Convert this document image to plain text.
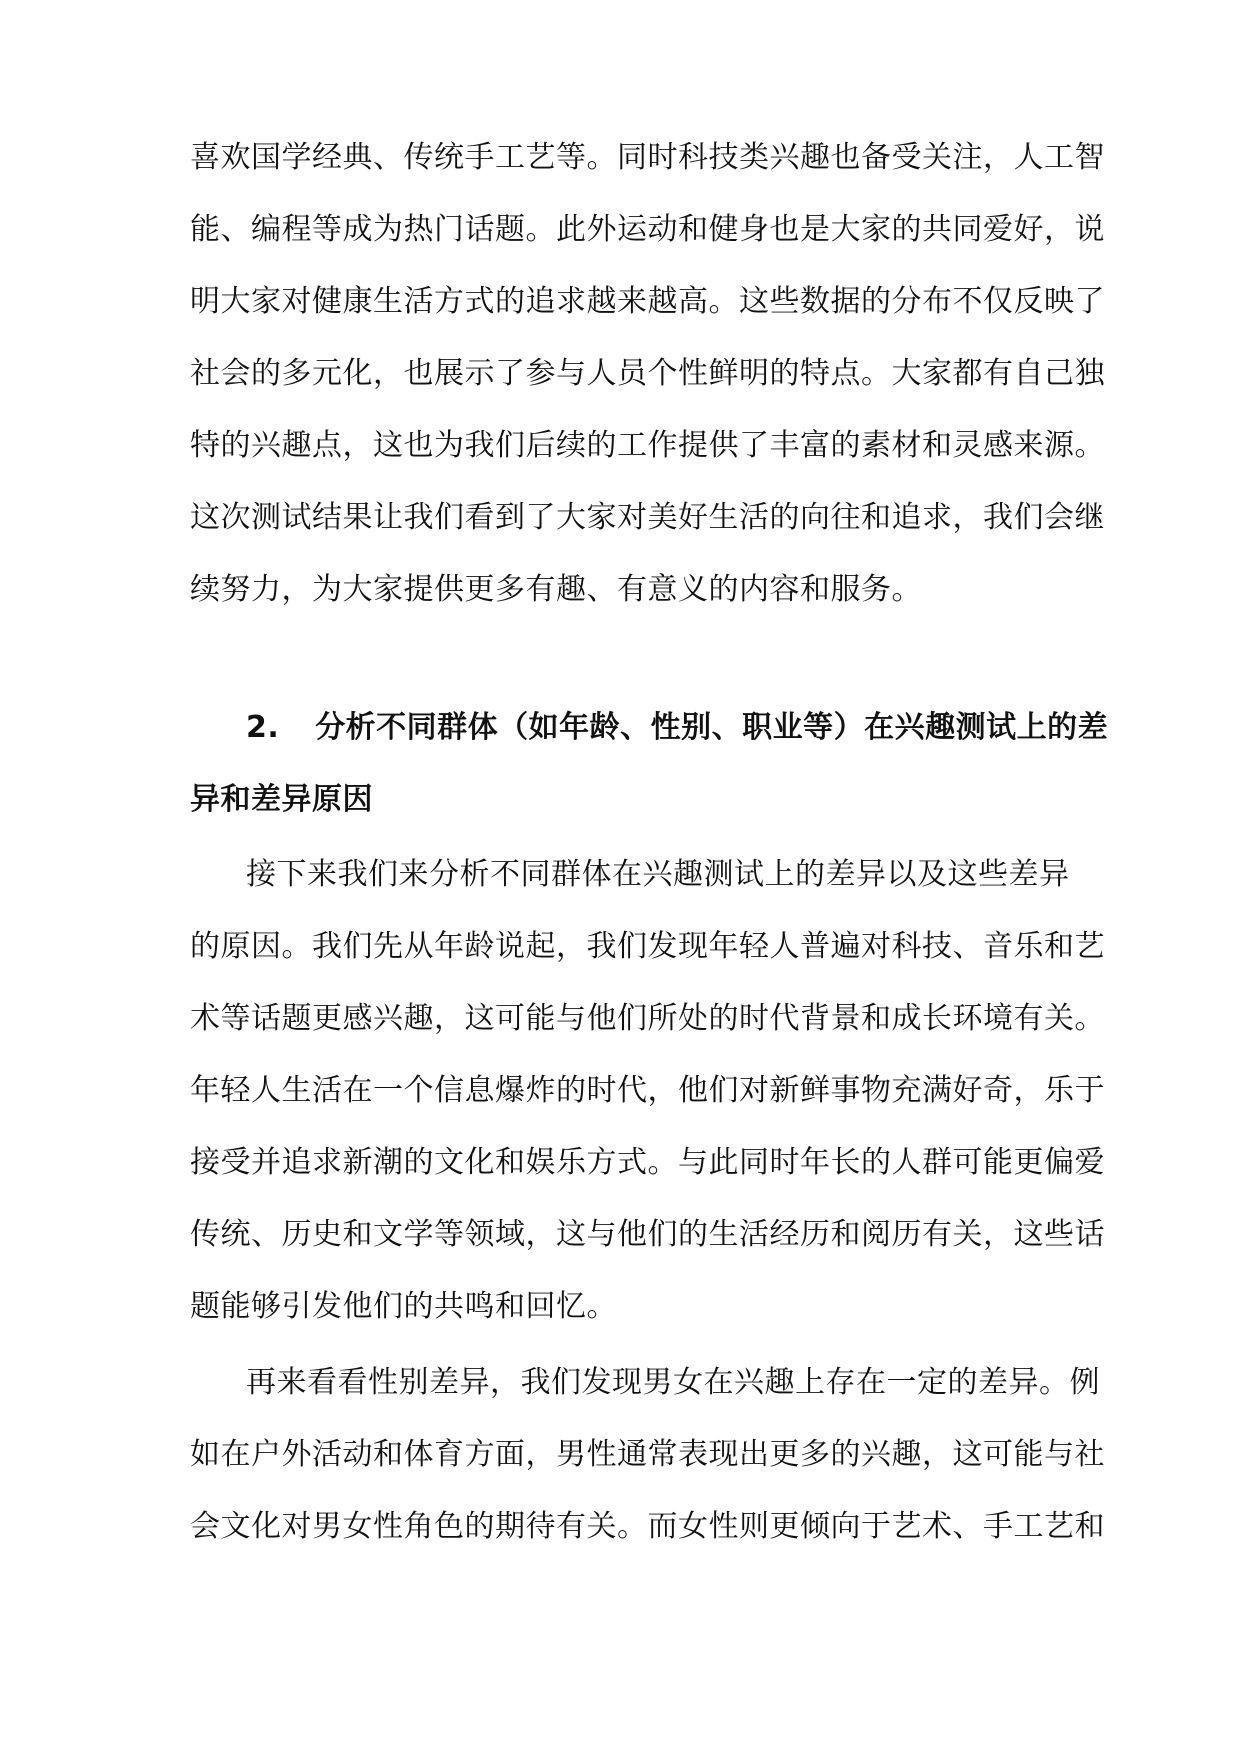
喜欢国学经典、传统手工艺等。同时科技类兴趣也备受关注，人工智
能、编程等成为热门话题。此外运动和健身也是大家的共同爱好，说
明大家对健康生活方式的追求越来越高。这些数据的分布不仅反映了
社会的多元化，也展示了参与人员个性鲜明的特点。大家都有自己独
特的兴趣点，这也为我们后续的工作提供了丰富的素材和灵感来源。
这次测试结果让我们看到了大家对美好生活的向往和追求，我们会继
续努力，为大家提供更多有趣、有意义的内容和服务。
2. 分析不同群体（如年龄、性别、职业等）在兴趣测试上的差
异和差异原因
接下来我们来分析不同群体在兴趣测试上的差异以及这些差异
的原因。我们先从年龄说起，我们发现年轻人普遍对科技、音乐和艺
术等话题更感兴趣，这可能与他们所处的时代背景和成长环境有关。
年轻人生活在一个信息爆炸的时代，他们对新鲜事物充满好奇，乐于
接受并追求新潮的文化和娱乐方式。与此同时年长的人群可能更偏爱
传统、历史和文学等领域，这与他们的生活经历和阅历有关，这些话
题能够引发他们的共鸣和回忆。
再来看看性别差异，我们发现男女在兴趣上存在一定的差异。例
如在户外活动和体育方面，男性通常表现出更多的兴趣，这可能与社
会文化对男女性角色的期待有关。而女性则更倾向于艺术、手工艺和
